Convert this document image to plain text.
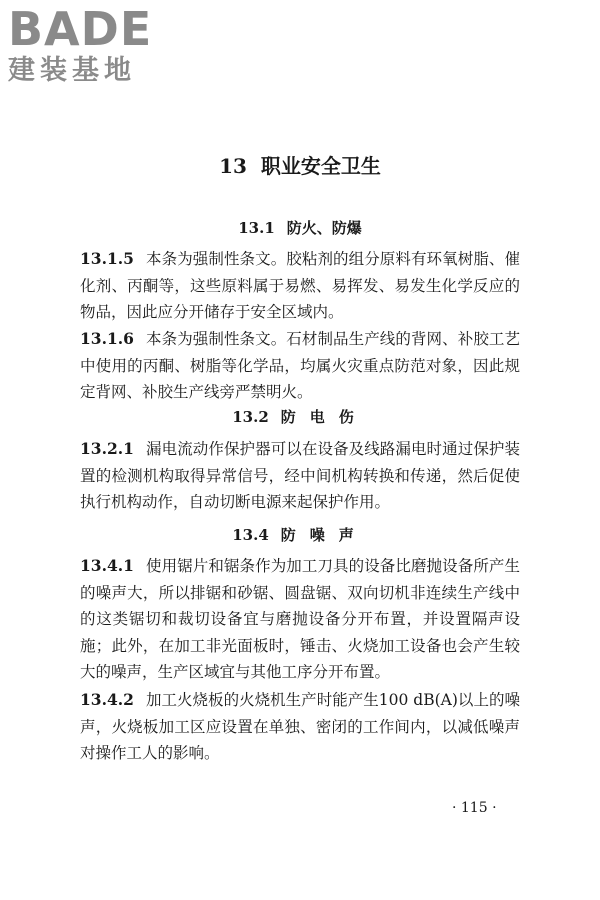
BADE
建装基地
13 职业安全卫生
13.1 防火、防爆
13.1.5 本条为强制性条文。胶粘剂的组分原料有环氧树脂、催化剂、丙酮等，这些原料属于易燃、易挥发、易发生化学反应的物品，因此应分开储存于安全区域内。
13.1.6 本条为强制性条文。石材制品生产线的背网、补胶工艺中使用的丙酮、树脂等化学品，均属火灾重点防范对象，因此规定背网、补胶生产线旁严禁明火。
13.2 防电伤
13.2.1 漏电流动作保护器可以在设备及线路漏电时通过保护装置的检测机构取得异常信号，经中间机构转换和传递，然后促使执行机构动作，自动切断电源来起保护作用。
13.4 防噪声
13.4.1 使用锯片和锯条作为加工刀具的设备比磨抛设备所产生的噪声大，所以排锯和砂锯、圆盘锯、双向切机非连续生产线中的这类锯切和裁切设备宜与磨抛设备分开布置，并设置隔声设施；此外，在加工非光面板时，锤击、火烧加工设备也会产生较大的噪声，生产区域宜与其他工序分开布置。
13.4.2 加工火烧板的火烧机生产时能产生100 dB(A)以上的噪声，火烧板加工区应设置在单独、密闭的工作间内，以减低噪声对操作工人的影响。
· 115 ·
